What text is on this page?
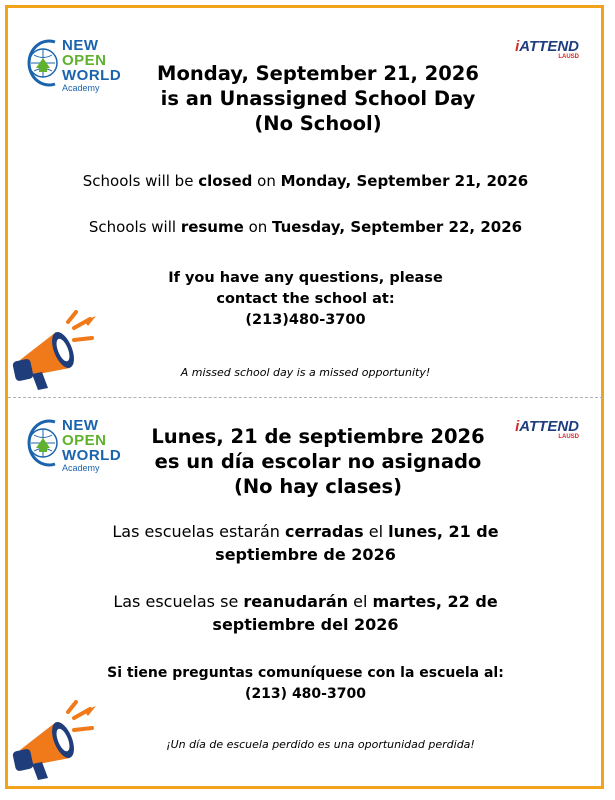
NEW
OPEN
WORLD
Academy
iATTEND
LAUSD
Monday, September 21, 2026
is an Unassigned School Day
(No School)
Schools will be closed on Monday, September 21, 2026
Schools will resume on Tuesday, September 22, 2026
If you have any questions, please
contact the school at:
(213)480-3700
A missed school day is a missed opportunity!
NEW
OPEN
WORLD
Academy
iATTEND
LAUSD
Lunes, 21 de septiembre 2026
es un día escolar no asignado
(No hay clases)
Las escuelas estarán cerradas el lunes, 21 de
septiembre de 2026
Las escuelas se reanudarán el martes, 22 de
septiembre del 2026
Si tiene preguntas comuníquese con la escuela al:
(213) 480-3700
¡Un día de escuela perdido es una oportunidad perdida!
